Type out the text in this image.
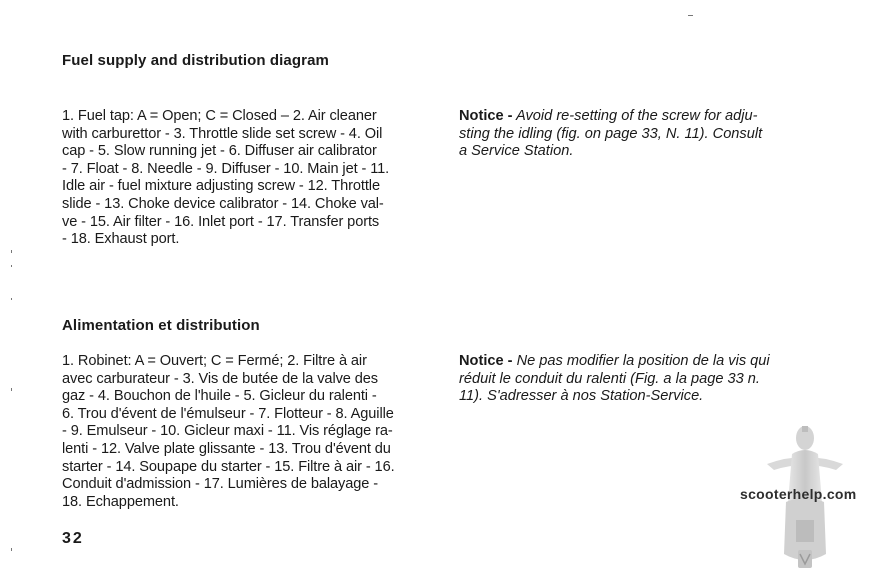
Fuel supply and distribution diagram
1. Fuel tap: A = Open; C = Closed – 2. Air cleaner
with carburettor - 3. Throttle slide set screw - 4. Oil
cap - 5. Slow running jet - 6. Diffuser air calibrator
- 7. Float - 8. Needle - 9. Diffuser - 10. Main jet - 11.
Idle air - fuel mixture adjusting screw - 12. Throttle
slide - 13. Choke device calibrator - 14. Choke val-
ve - 15. Air filter - 16. Inlet port - 17. Transfer ports
- 18. Exhaust port.
Notice - Avoid re-setting of the screw for adju-
sting the idling (fig. on page 33, N. 11). Consult
a Service Station.
Alimentation et distribution
1. Robinet: A = Ouvert; C = Fermé; 2. Filtre à air
avec carburateur - 3. Vis de butée de la valve des
gaz - 4. Bouchon de l'huile - 5. Gicleur du ralenti -
6. Trou d'évent de l'émulseur - 7. Flotteur - 8. Aguille
- 9. Emulseur - 10. Gicleur maxi - 11. Vis réglage ra-
lenti - 12. Valve plate glissante - 13. Trou d'évent du
starter - 14. Soupape du starter - 15. Filtre à air - 16.
Conduit d'admission - 17. Lumières de balayage -
18. Echappement.
Notice - Ne pas modifier la position de la vis qui
réduit le conduit du ralenti (Fig. a la page 33 n.
11). S'adresser à nos Station-Service.
32
scooterhelp.com
